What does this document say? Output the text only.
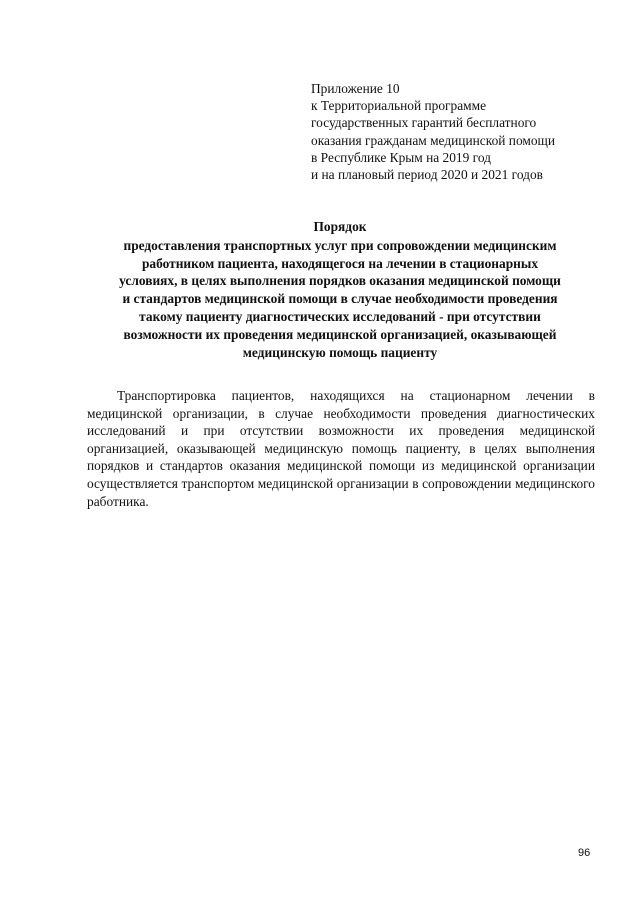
Приложение 10
к Территориальной программе
государственных гарантий бесплатного
оказания гражданам медицинской помощи
в Республике Крым на 2019 год
и на плановый период 2020 и 2021 годов
Порядок
предоставления транспортных услуг при сопровождении медицинским
работником пациента, находящегося на лечении в стационарных
условиях, в целях выполнения порядков оказания медицинской помощи
и стандартов медицинской помощи в случае необходимости проведения
такому пациенту диагностических исследований - при отсутствии
возможности их проведения медицинской организацией, оказывающей
медицинскую помощь пациенту

Транспортировка пациентов, находящихся на стационарном лечении в медицинской организации, в случае необходимости проведения диагностических исследований и при отсутствии возможности их проведения медицинской организацией, оказывающей медицинскую помощь пациенту, в целях выполнения порядков и стандартов оказания медицинской помощи из медицинской организации осуществляется транспортом медицинской организации в сопровождении медицинского работника.

96
